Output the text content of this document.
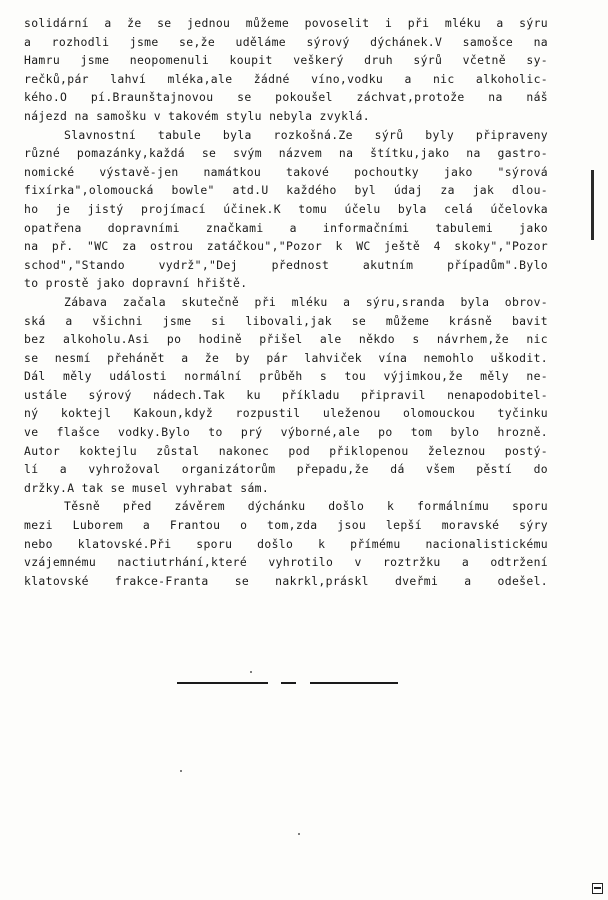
solidární a že se jednou můžeme povoselit i při mléku a sýru
a rozhodli jsme se,že uděláme sýrový dýchánek.V samošce na
Hamru jsme neopomenuli koupit veškerý druh sýrů včetně sy-
rečků,pár lahví mléka,ale žádné víno,vodku a nic alkoholic-
kého.O pí.Braunštajnovou se pokoušel záchvat,protože na náš
nájezd na samošku v takovém stylu nebyla zvyklá.
Slavnostní tabule byla rozkošná.Ze sýrů byly připraveny
různé pomazánky,každá se svým názvem na štítku,jako na gastro-
nomické výstavě-jen namátkou takové pochoutky jako "sýrová
fixírka",olomoucká bowle" atd.U každého byl údaj za jak dlou-
ho je jistý projímací účinek.K tomu účelu byla celá účelovka
opatřena dopravními značkami a informačními tabulemi jako
na př. "WC za ostrou zatáčkou","Pozor k WC ještě 4 skoky","Pozor
schod","Stando vydrž","Dej přednost akutním případům".Bylo
to prostě jako dopravní hřiště.
Zábava začala skutečně při mléku a sýru,sranda byla obrov-
ská a všichni jsme si libovali,jak se můžeme krásně bavit
bez alkoholu.Asi po hodině přišel ale někdo s návrhem,že nic
se nesmí přehánět a že by pár lahviček vína nemohlo uškodit.
Dál měly události normální průběh s tou výjimkou,že měly ne-
ustále sýrový nádech.Tak ku příkladu připravil nenapodobitel-
ný koktejl Kakoun,když rozpustil uleženou olomouckou tyčinku
ve flašce vodky.Bylo to prý výborné,ale po tom bylo hrozně.
Autor koktejlu zůstal nakonec pod přiklopenou železnou postý-
lí a vyhrožoval organizátorům přepadu,že dá všem pěstí do
držky.A tak se musel vyhrabat sám.
Těsně před závěrem dýchánku došlo k formálnímu sporu
mezi Luborem a Frantou o tom,zda jsou lepší moravské sýry
nebo klatovské.Při sporu došlo k přímému nacionalistickému
vzájemnému nactiutrhání,které vyhrotilo v roztržku a odtržení
klatovské frakce-Franta se nakrkl,práskl dveřmi a odešel.
